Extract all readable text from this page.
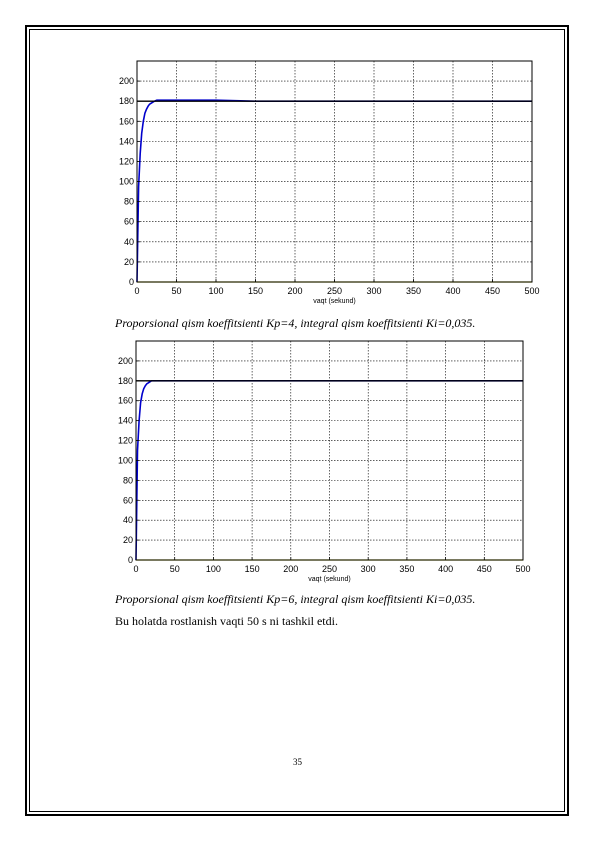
0	50	100	150	200	250	300	350	400	450	500
0
20
40
60
80
100
120
140
160
180
200
vaqt (sekund)
0	50	100	150	200	250	300	350	400	450	500
0
20
40
60
80
100
120
140
160
180
200
vaqt (sekund)
Proporsional qism koeffitsienti Kp=4, integral qism koeffitsienti Ki=0,035.
Proporsional qism koeffitsienti Kp=6, integral qism koeffitsienti Ki=0,035.
Bu holatda rostlanish vaqti 50 s ni tashkil etdi.
35
